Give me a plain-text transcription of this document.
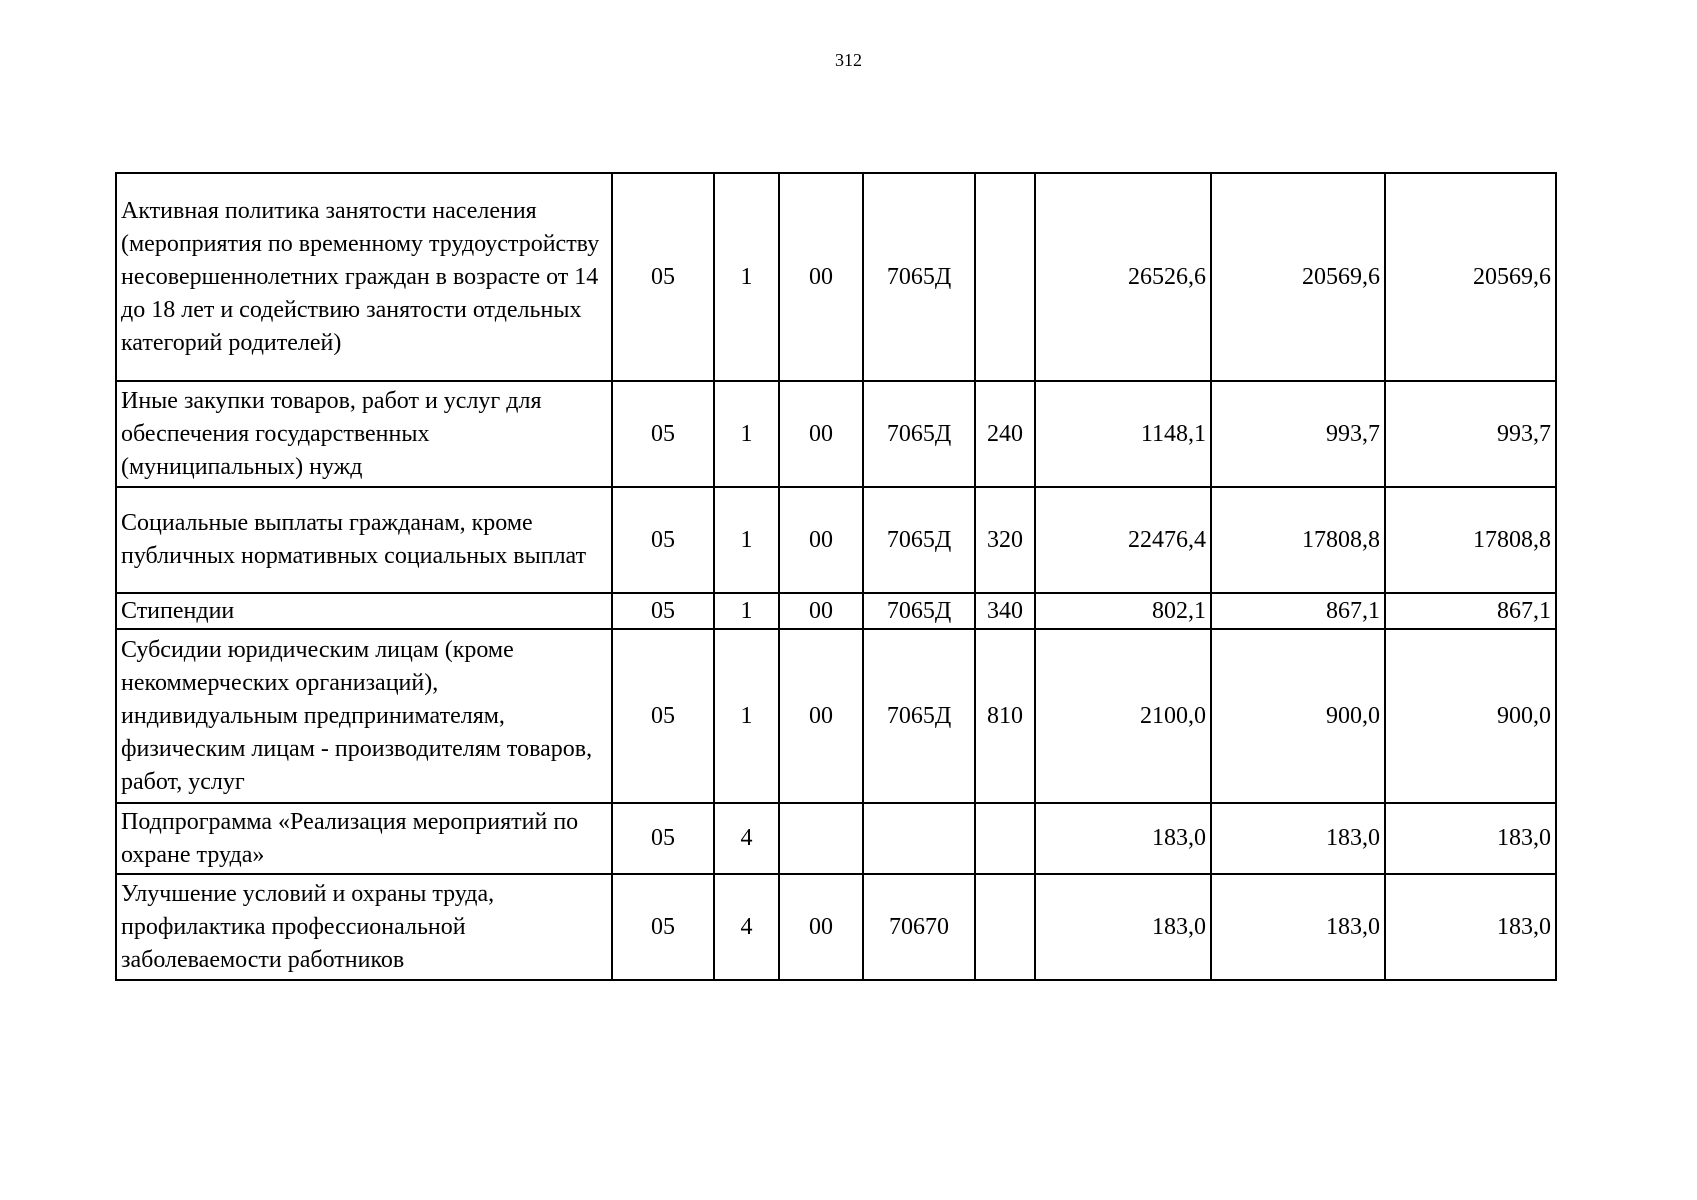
312
Активная политика занятости населения (мероприятия по временному трудоустройству несовершеннолетних граждан в возрасте от 14 до 18 лет и содействию занятости отдельных категорий родителей)	05	1	00	7065Д		26526,6	20569,6	20569,6
Иные закупки товаров, работ и услуг для обеспечения государственных (муниципальных) нужд	05	1	00	7065Д	240	1148,1	993,7	993,7
Социальные выплаты гражданам, кроме публичных нормативных социальных выплат	05	1	00	7065Д	320	22476,4	17808,8	17808,8
Стипендии	05	1	00	7065Д	340	802,1	867,1	867,1
Субсидии юридическим лицам (кроме некоммерческих организаций), индивидуальным предпринимателям, физическим лицам - производителям товаров, работ, услуг	05	1	00	7065Д	810	2100,0	900,0	900,0
Подпрограмма «Реализация мероприятий по охране труда»	05	4				183,0	183,0	183,0
Улучшение условий и охраны труда, профилактика профессиональной заболеваемости работников	05	4	00	70670		183,0	183,0	183,0
